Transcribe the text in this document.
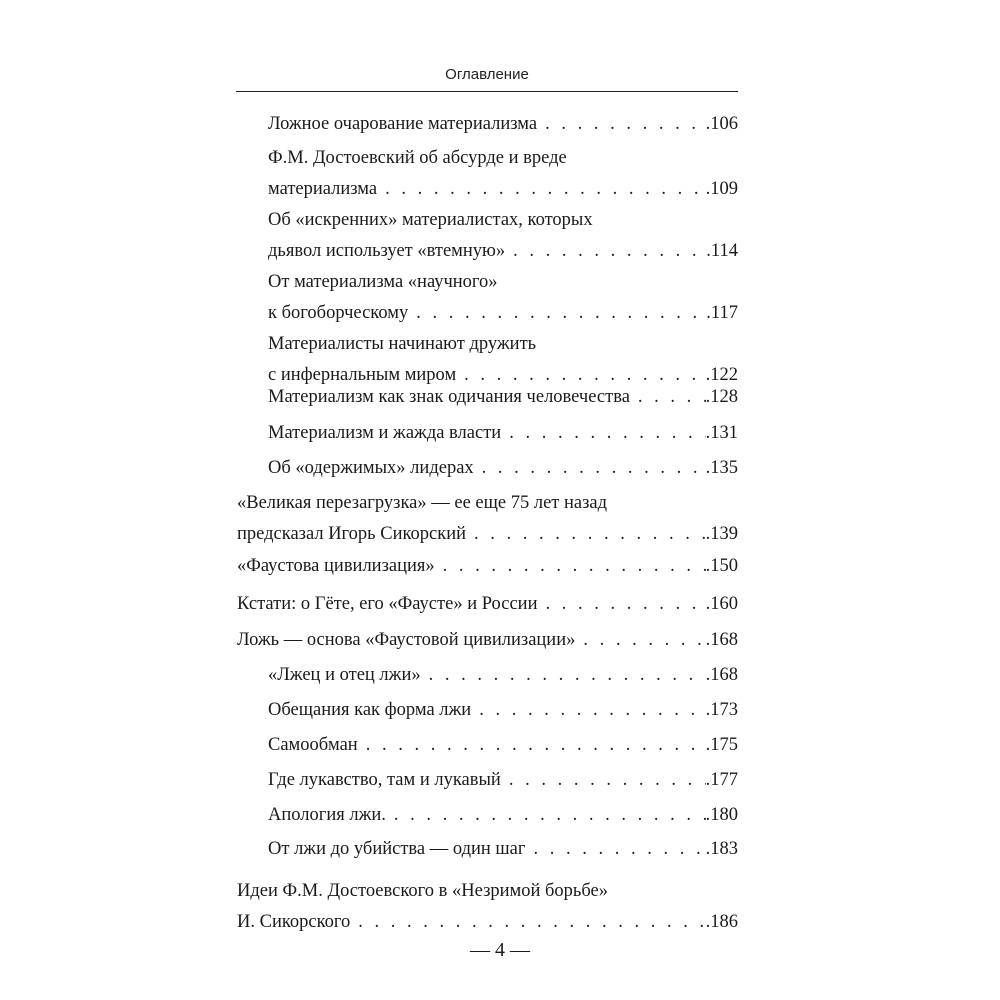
Оглавление
Ложное очарование материализма . . .	.106
Ф.М. Достоевский об абсурде и вреде
материализма . . .	.109
Об «искренних» материалистах, которых
дьявол использует «втемную» . . .	.114
От материализма «научного»
к богоборческому . . .	.117
Материалисты начинают дружить
с инфернальным миром . . .	.122
Материализм как знак одичания человечества . . .	.128
Материализм и жажда власти . . .	.131
Об «одержимых» лидерах . . .	.135
«Великая перезагрузка» — ее еще 75 лет назад
предсказал Игорь Сикорский . . .	.139
«Фаустова цивилизация» . . .	.150
Кстати: о Гёте, его «Фаусте» и России . . .	.160
Ложь — основа «Фаустовой цивилизации» . . .	.168
«Лжец и отец лжи» . . .	.168
Обещания как форма лжи . . .	.173
Самообман . . .	.175
Где лукавство, там и лукавый . . .	.177
Апология лжи. . . .	.180
От лжи до убийства — один шаг . . .	.183
Идеи Ф.М. Достоевского в «Незримой борьбе»
И. Сикорского . . .	.186
— 4 —
